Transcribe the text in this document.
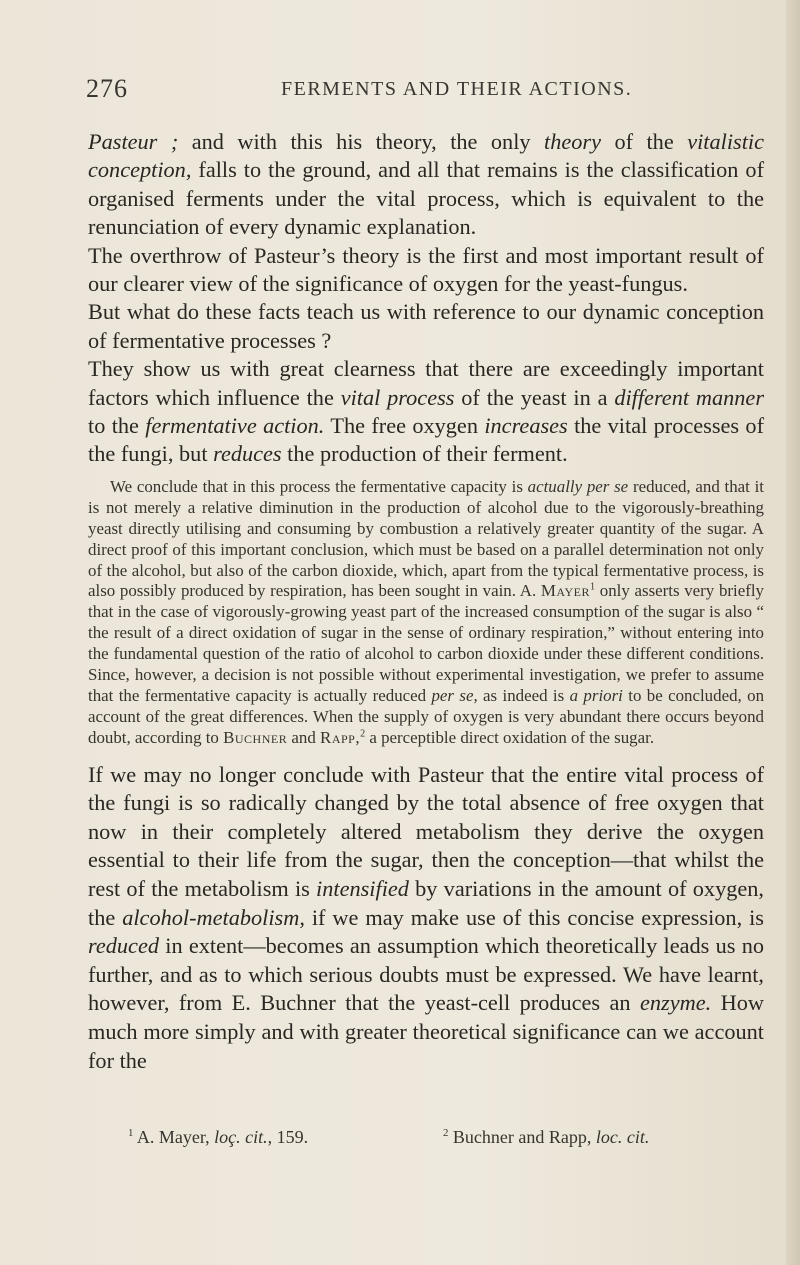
276	FERMENTS AND THEIR ACTIONS.

Pasteur ; and with this his theory, the only theory of the vitalistic conception, falls to the ground, and all that remains is the classification of organised ferments under the vital process, which is equivalent to the renunciation of every dynamic explanation.

The overthrow of Pasteur’s theory is the first and most important result of our clearer view of the significance of oxygen for the yeast-fungus.

But what do these facts teach us with reference to our dynamic conception of fermentative processes ?

They show us with great clearness that there are exceedingly important factors which influence the vital process of the yeast in a different manner to the fermentative action. The free oxygen increases the vital processes of the fungi, but reduces the production of their ferment.

We conclude that in this process the fermentative capacity is actually per se reduced, and that it is not merely a relative diminution in the production of alcohol due to the vigorously-breathing yeast directly utilising and consuming by combustion a relatively greater quantity of the sugar. A direct proof of this important conclusion, which must be based on a parallel determination not only of the alcohol, but also of the carbon dioxide, which, apart from the typical fermentative process, is also possibly produced by respiration, has been sought in vain. A. Mayer$^1$ only asserts very briefly that in the case of vigorously-growing yeast part of the increased consumption of the sugar is also “ the result of a direct oxidation of sugar in the sense of ordinary respiration,” without entering into the fundamental question of the ratio of alcohol to carbon dioxide under these different conditions. Since, however, a decision is not possible without experimental investigation, we prefer to assume that the fermentative capacity is actually reduced per se, as indeed is a priori to be concluded, on account of the great differences. When the supply of oxygen is very abundant there occurs beyond doubt, according to Buchner and Rapp,$^2$ a perceptible direct oxidation of the sugar.

If we may no longer conclude with Pasteur that the entire vital process of the fungi is so radically changed by the total absence of free oxygen that now in their completely altered metabolism they derive the oxygen essential to their life from the sugar, then the conception—that whilst the rest of the metabolism is intensified by variations in the amount of oxygen, the alcohol-metabolism, if we may make use of this concise expression, is reduced in extent—becomes an assumption which theoretically leads us no further, and as to which serious doubts must be expressed. We have learnt, however, from E. Buchner that the yeast-cell produces an enzyme. How much more simply and with greater theoretical significance can we account for the

$^1$ A. Mayer, loç. cit., 159.	$^2$ Buchner and Rapp, loc. cit.
